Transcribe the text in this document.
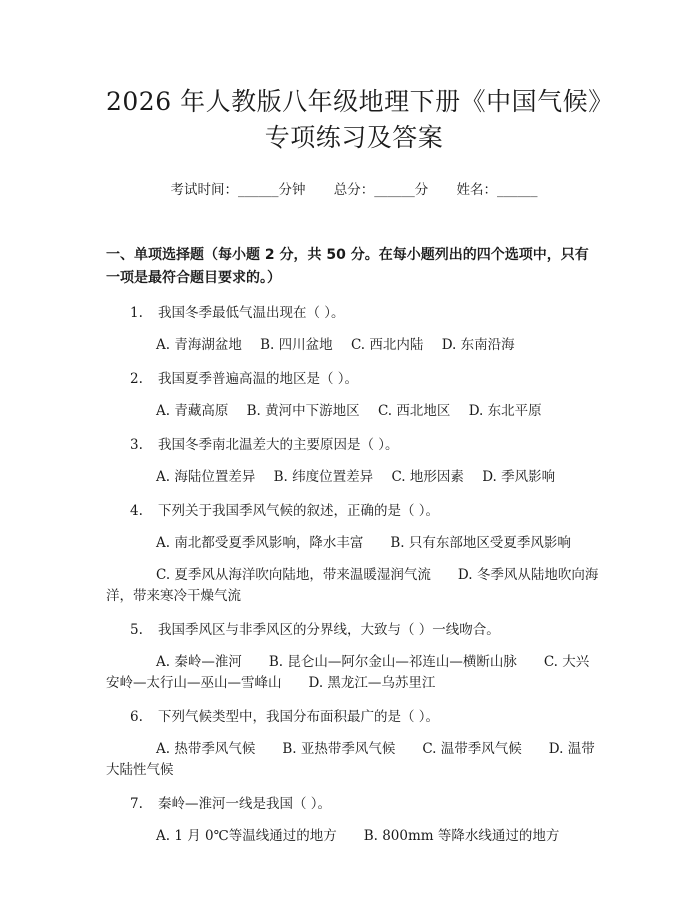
2026 年人教版八年级地理下册《中国气候》
专项练习及答案
考试时间：______分钟 总分：______分 姓名：______
一、单项选择题（每小题 2 分，共 50 分。在每小题列出的四个选项中，只有一项是最符合题目要求的。）
1. 我国冬季最低气温出现在（ ）。
A. 青海湖盆地 B. 四川盆地 C. 西北内陆 D. 东南沿海
2. 我国夏季普遍高温的地区是（ ）。
A. 青藏高原 B. 黄河中下游地区 C. 西北地区 D. 东北平原
3. 我国冬季南北温差大的主要原因是（ ）。
A. 海陆位置差异 B. 纬度位置差异 C. 地形因素 D. 季风影响
4. 下列关于我国季风气候的叙述，正确的是（ ）。
A. 南北都受夏季风影响，降水丰富　　B. 只有东部地区受夏季风影响
C. 夏季风从海洋吹向陆地，带来温暖湿润气流　　D. 冬季风从陆地吹向海洋，带来寒冷干燥气流
5. 我国季风区与非季风区的分界线，大致与（ ）一线吻合。
A. 秦岭—淮河　　B. 昆仑山—阿尔金山—祁连山—横断山脉　　C. 大兴安岭—太行山—巫山—雪峰山　　D. 黑龙江—乌苏里江
6. 下列气候类型中，我国分布面积最广的是（ ）。
A. 热带季风气候　　B. 亚热带季风气候　　C. 温带季风气候　　D. 温带大陆性气候
7. 秦岭—淮河一线是我国（ ）。
A. 1 月 0℃等温线通过的地方　　B. 800mm 等降水线通过的地方
